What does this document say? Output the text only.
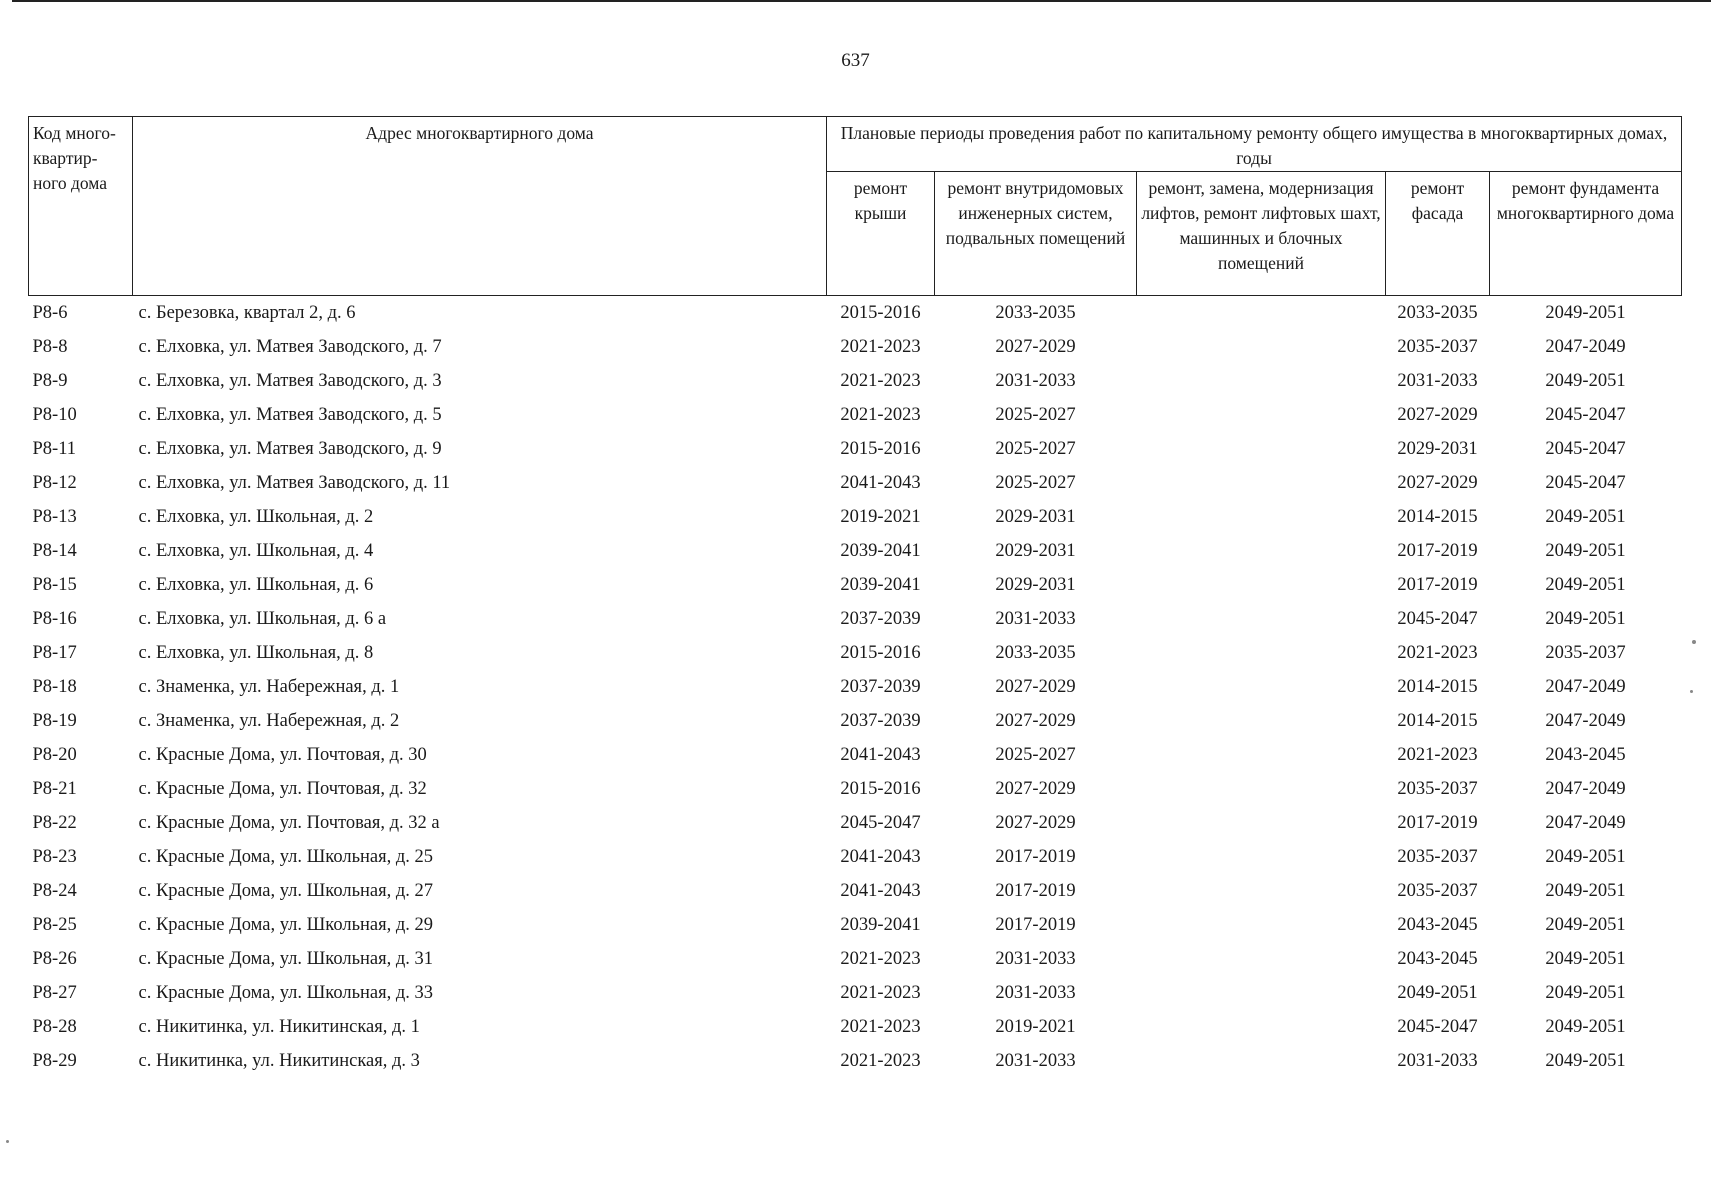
637
Код много-квартир-ного дома	Адрес многоквартирного дома	Плановые периоды проведения работ по капитальному ремонту общего имущества в многоквартирных домах, годы				
		ремонт крыши	ремонт внутридомовых инженерных систем, подвальных помещений	ремонт, замена, модернизация лифтов, ремонт лифтовых шахт, машинных и блочных помещений	ремонт фасада	ремонт фундамента многоквартирного дома
Р8-6	с. Березовка, квартал 2, д. 6	2015-2016	2033-2035		2033-2035	2049-2051
Р8-8	с. Елховка, ул. Матвея Заводского, д. 7	2021-2023	2027-2029		2035-2037	2047-2049
Р8-9	с. Елховка, ул. Матвея Заводского, д. 3	2021-2023	2031-2033		2031-2033	2049-2051
Р8-10	с. Елховка, ул. Матвея Заводского, д. 5	2021-2023	2025-2027		2027-2029	2045-2047
Р8-11	с. Елховка, ул. Матвея Заводского, д. 9	2015-2016	2025-2027		2029-2031	2045-2047
Р8-12	с. Елховка, ул. Матвея Заводского, д. 11	2041-2043	2025-2027		2027-2029	2045-2047
Р8-13	с. Елховка, ул. Школьная, д. 2	2019-2021	2029-2031		2014-2015	2049-2051
Р8-14	с. Елховка, ул. Школьная, д. 4	2039-2041	2029-2031		2017-2019	2049-2051
Р8-15	с. Елховка, ул. Школьная, д. 6	2039-2041	2029-2031		2017-2019	2049-2051
Р8-16	с. Елховка, ул. Школьная, д. 6 а	2037-2039	2031-2033		2045-2047	2049-2051
Р8-17	с. Елховка, ул. Школьная, д. 8	2015-2016	2033-2035		2021-2023	2035-2037
Р8-18	с. Знаменка, ул. Набережная, д. 1	2037-2039	2027-2029		2014-2015	2047-2049
Р8-19	с. Знаменка, ул. Набережная, д. 2	2037-2039	2027-2029		2014-2015	2047-2049
Р8-20	с. Красные Дома, ул. Почтовая, д. 30	2041-2043	2025-2027		2021-2023	2043-2045
Р8-21	с. Красные Дома, ул. Почтовая, д. 32	2015-2016	2027-2029		2035-2037	2047-2049
Р8-22	с. Красные Дома, ул. Почтовая, д. 32 а	2045-2047	2027-2029		2017-2019	2047-2049
Р8-23	с. Красные Дома, ул. Школьная, д. 25	2041-2043	2017-2019		2035-2037	2049-2051
Р8-24	с. Красные Дома, ул. Школьная, д. 27	2041-2043	2017-2019		2035-2037	2049-2051
Р8-25	с. Красные Дома, ул. Школьная, д. 29	2039-2041	2017-2019		2043-2045	2049-2051
Р8-26	с. Красные Дома, ул. Школьная, д. 31	2021-2023	2031-2033		2043-2045	2049-2051
Р8-27	с. Красные Дома, ул. Школьная, д. 33	2021-2023	2031-2033		2049-2051	2049-2051
Р8-28	с. Никитинка, ул. Никитинская, д. 1	2021-2023	2019-2021		2045-2047	2049-2051
Р8-29	с. Никитинка, ул. Никитинская, д. 3	2021-2023	2031-2033		2031-2033	2049-2051
